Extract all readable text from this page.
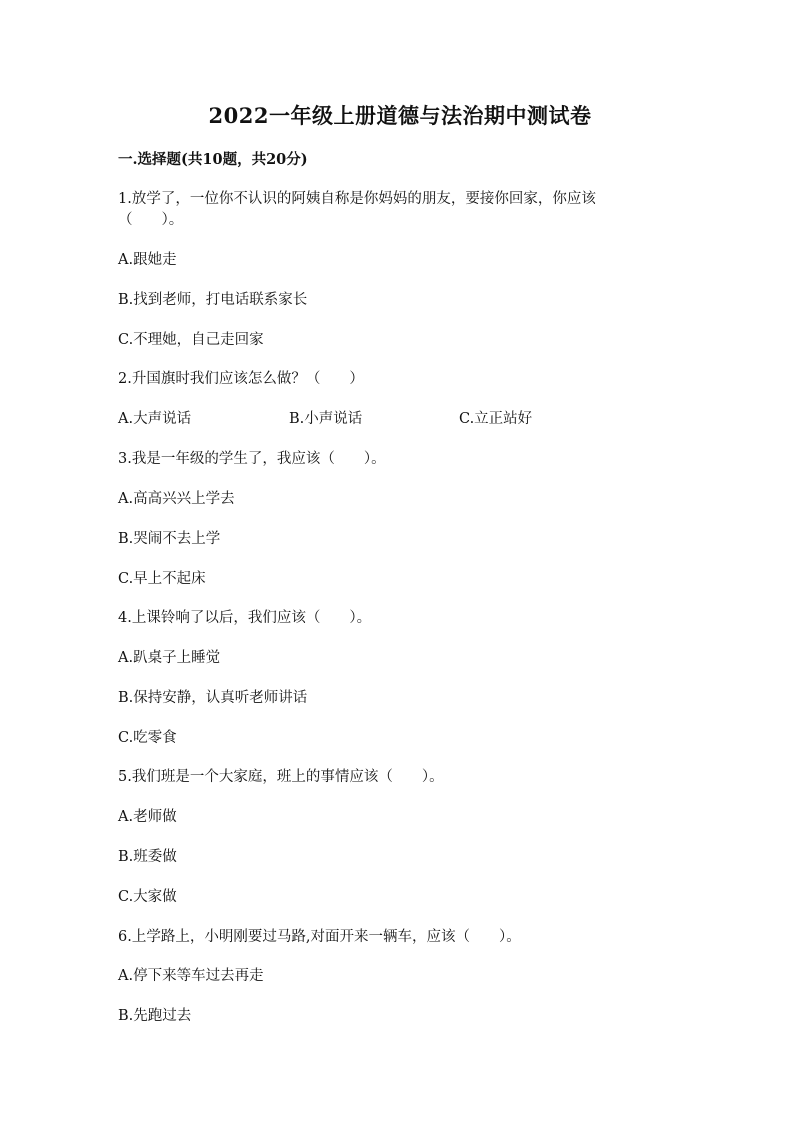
2022一年级上册道德与法治期中测试卷
一.选择题(共10题，共20分)
1.放学了，一位你不认识的阿姨自称是你妈妈的朋友，要接你回家，你应该
（　　）。
A.跟她走
B.找到老师，打电话联系家长
C.不理她，自己走回家
2.升国旗时我们应该怎么做？（　　）
A.大声说话	B.小声说话	C.立正站好
3.我是一年级的学生了，我应该（　　）。
A.高高兴兴上学去
B.哭闹不去上学
C.早上不起床
4.上课铃响了以后，我们应该（　　）。
A.趴桌子上睡觉
B.保持安静，认真听老师讲话
C.吃零食
5.我们班是一个大家庭，班上的事情应该（　　）。
A.老师做
B.班委做
C.大家做
6.上学路上，小明刚要过马路,对面开来一辆车，应该（　　）。
A.停下来等车过去再走
B.先跑过去
